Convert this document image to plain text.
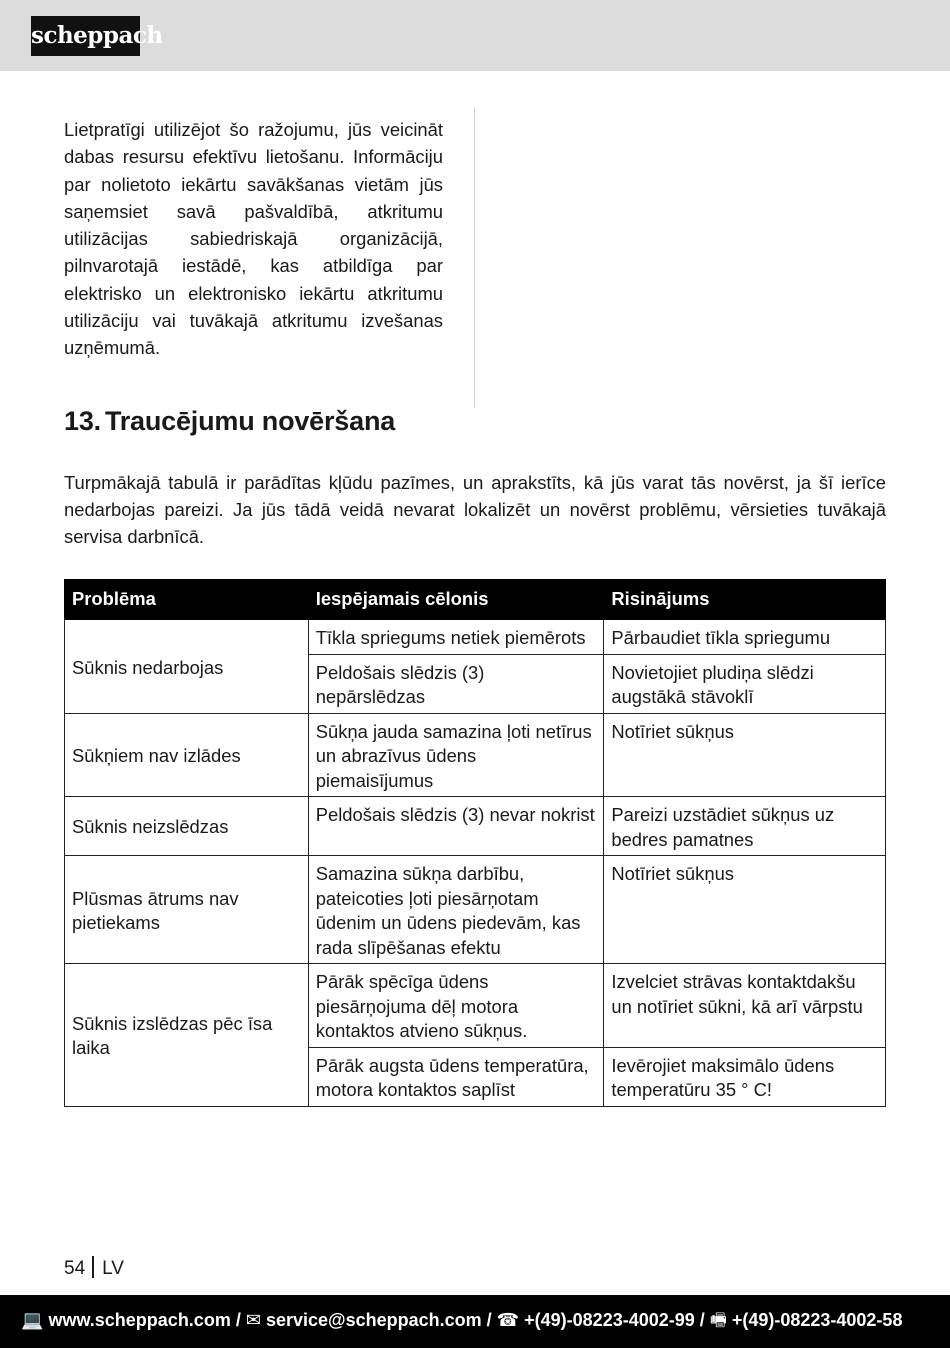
scheppach

Lietpratīgi utilizējot šo ražojumu, jūs veicināt dabas resursu efektīvu lietošanu. Informāciju par nolietoto iekārtu savākšanas vietām jūs saņemsiet savā pašvaldībā, atkritumu utilizācijas sabiedriskajā organizācijā, pilnvarotajā iestādē, kas atbildīga par elektrisko un elektronisko iekārtu atkritumu utilizāciju vai tuvākajā atkritumu izvešanas uzņēmumā.

13. Traucējumu novēršana

Turpmākajā tabulā ir parādītas kļūdu pazīmes, un aprakstīts, kā jūs varat tās novērst, ja šī ierīce nedarbojas pareizi. Ja jūs tādā veidā nevarat lokalizēt un novērst problēmu, vērsieties tuvākajā servisa darbnīcā.

Problēma	Iespējamais cēlonis	Risinājums
Sūknis nedarbojas	Tīkla spriegums netiek piemērots	Pārbaudiet tīkla spriegumu
	Peldošais slēdzis (3) nepārslēdzas	Novietojiet pludiņa slēdzi augstākā stāvoklī
Sūkņiem nav izlādes	Sūkņa jauda samazina ļoti netīrus un abrazīvus ūdens piemaisījumus	Notīriet sūkņus
Sūknis neizslēdzas	Peldošais slēdzis (3) nevar nokrist	Pareizi uzstādiet sūkņus uz bedres pamatnes
Plūsmas ātrums nav pietiekams	Samazina sūkņa darbību, pateicoties ļoti piesārņotam ūdenim un ūdens piedevām, kas rada slīpēšanas efektu	Notīriet sūkņus
Sūknis izslēdzas pēc īsa laika	Pārāk spēcīga ūdens piesārņojuma dēļ motora kontaktos atvieno sūkņus.	Izvelciet strāvas kontaktdakšu un notīriet sūkni, kā arī vārpstu
	Pārāk augsta ūdens temperatūra, motora kontaktos saplīst	Ievērojiet maksimālo ūdens temperatūru 35 ° C!
54 LV
💻 www.scheppach.com / ✉ service@scheppach.com / ☎ +(49)-08223-4002-99 / 🖷 +(49)-08223-4002-58
